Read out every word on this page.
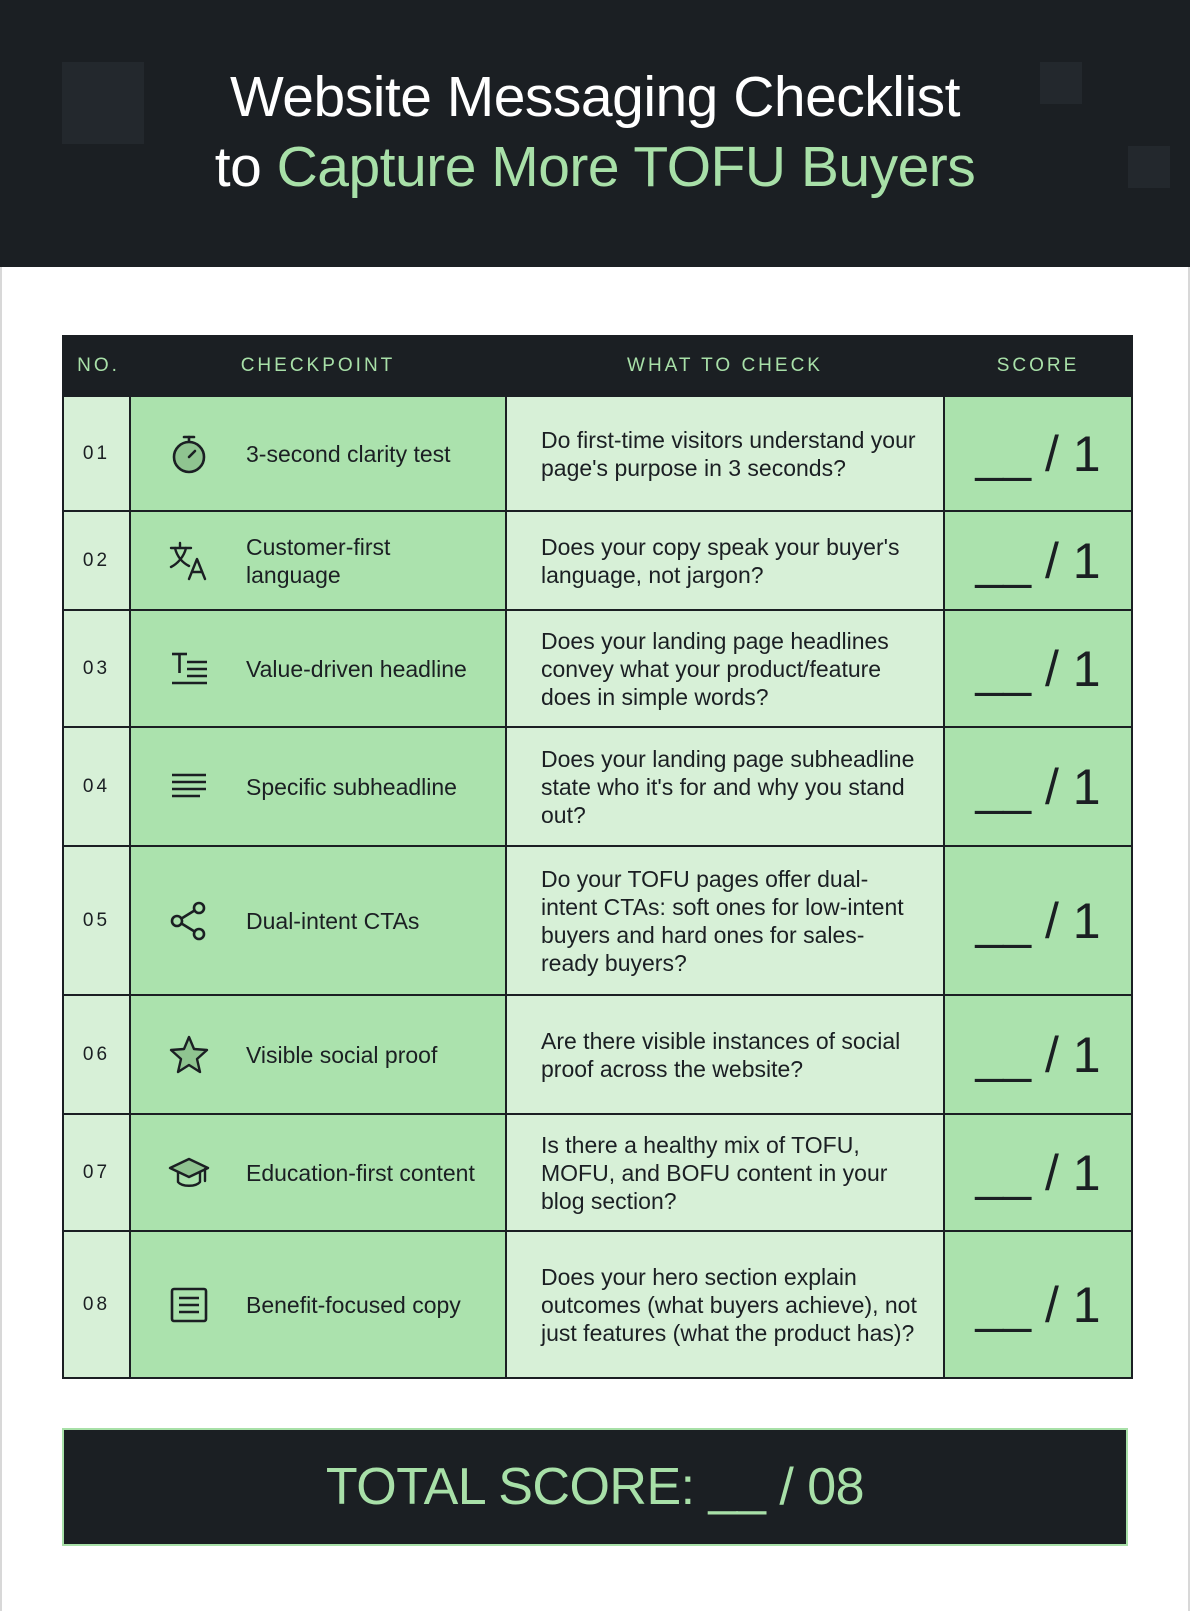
Website Messaging Checklist
to Capture More TOFU Buyers
NO.	CHECKPOINT	WHAT TO CHECK	SCORE
01	3-second clarity test	Do first-time visitors understand your page's purpose in 3 seconds?	__ / 1
02	Customer-first language	Does your copy speak your buyer's language, not jargon?	__ / 1
03	Value-driven headline	Does your landing page headlines convey what your product/feature does in simple words?	__ / 1
04	Specific subheadline	Does your landing page subheadline state who it's for and why you stand out?	__ / 1
05	Dual-intent CTAs	Do your TOFU pages offer dual-intent CTAs: soft ones for low-intent buyers and hard ones for sales-ready buyers?	__ / 1
06	Visible social proof	Are there visible instances of social proof across the website?	__ / 1
07	Education-first content	Is there a healthy mix of TOFU, MOFU, and BOFU content in your blog section?	__ / 1
08	Benefit-focused copy	Does your hero section explain outcomes (what buyers achieve), not just features (what the product has)?	__ / 1
TOTAL SCORE: __ / 08
